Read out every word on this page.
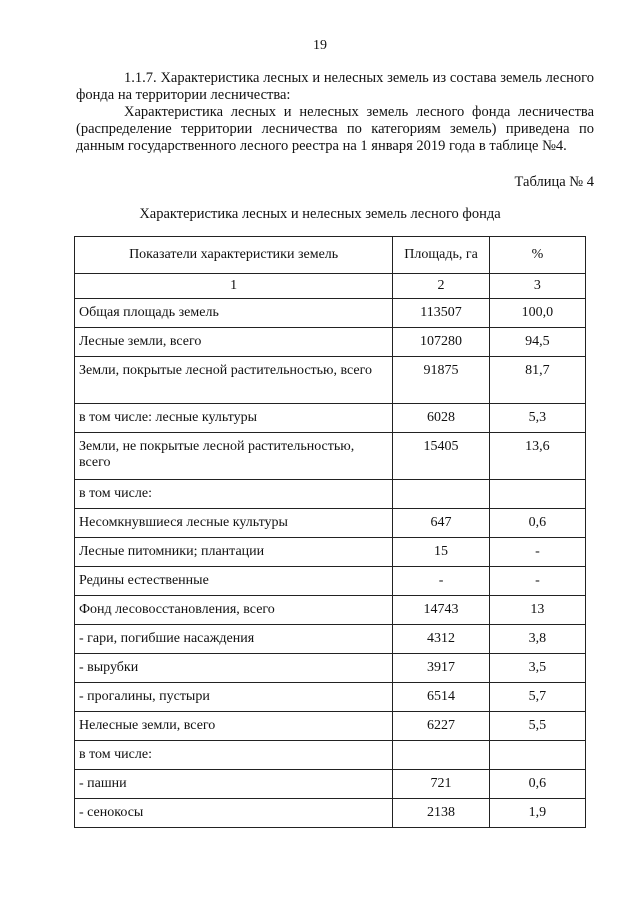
19

1.1.7. Характеристика лесных и нелесных земель из состава земель лесного фонда на территории лесничества:

Характеристика лесных и нелесных земель лесного фонда лесничества (распределение территории лесничества по категориям земель) приведена по данным государственного лесного реестра на 1 января 2019 года в таблице №4.

Таблица № 4
Характеристика лесных и нелесных земель лесного фонда
Показатели характеристики земель	Площадь, га	%
1	2	3
Общая площадь земель	113507	100,0
Лесные земли, всего	107280	94,5
Земли, покрытые лесной растительностью, всего	91875	81,7
в том числе: лесные культуры	6028	5,3
Земли, не покрытые лесной растительностью, всего	15405	13,6
в том числе:		
Несомкнувшиеся лесные культуры	647	0,6
Лесные питомники; плантации	15	-
Редины естественные	-	-
Фонд лесовосстановления, всего	14743	13
- гари, погибшие насаждения	4312	3,8
- вырубки	3917	3,5
- прогалины, пустыри	6514	5,7
Нелесные земли, всего	6227	5,5
в том числе:		
- пашни	721	0,6
- сенокосы	2138	1,9
